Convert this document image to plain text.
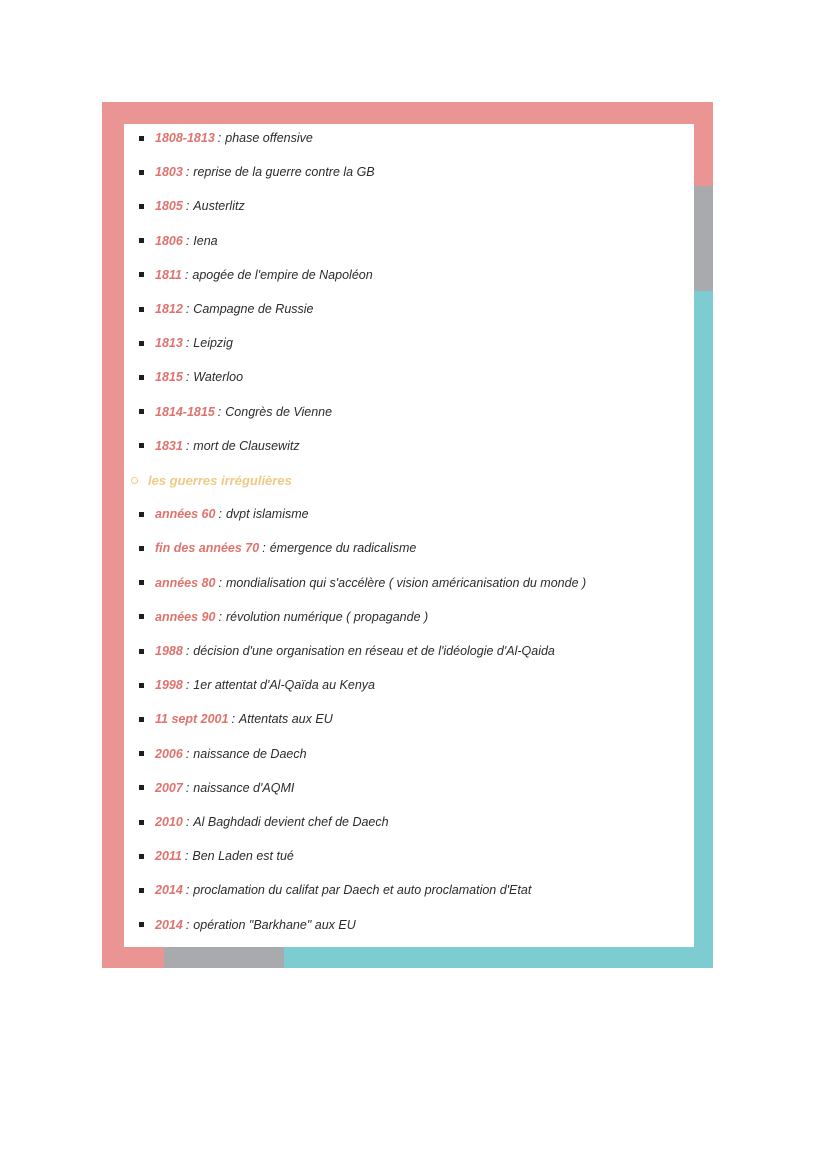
1808-1813 : phase offensive
1803 : reprise de la guerre contre la GB
1805 : Austerlitz
1806 : Iena
1811 : apogée de l'empire de Napoléon
1812 : Campagne de Russie
1813 : Leipzig
1815 : Waterloo
1814-1815 : Congrès de Vienne
1831 : mort de Clausewitz
les guerres irrégulières
années 60 : dvpt islamisme
fin des années 70 : émergence du radicalisme
années 80 : mondialisation qui s'accélère ( vision américanisation du monde )
années 90 : révolution numérique ( propagande )
1988 : décision d'une organisation en réseau et de l'idéologie d'Al-Qaida
1998 : 1er attentat d'Al-Qaïda au Kenya
11 sept 2001 : Attentats aux EU
2006 : naissance de Daech
2007 : naissance d'AQMI
2010 : Al Baghdadi devient chef de Daech
2011 : Ben Laden est tué
2014 : proclamation du califat par Daech et auto proclamation d'Etat
2014 : opération "Barkhane" aux EU
